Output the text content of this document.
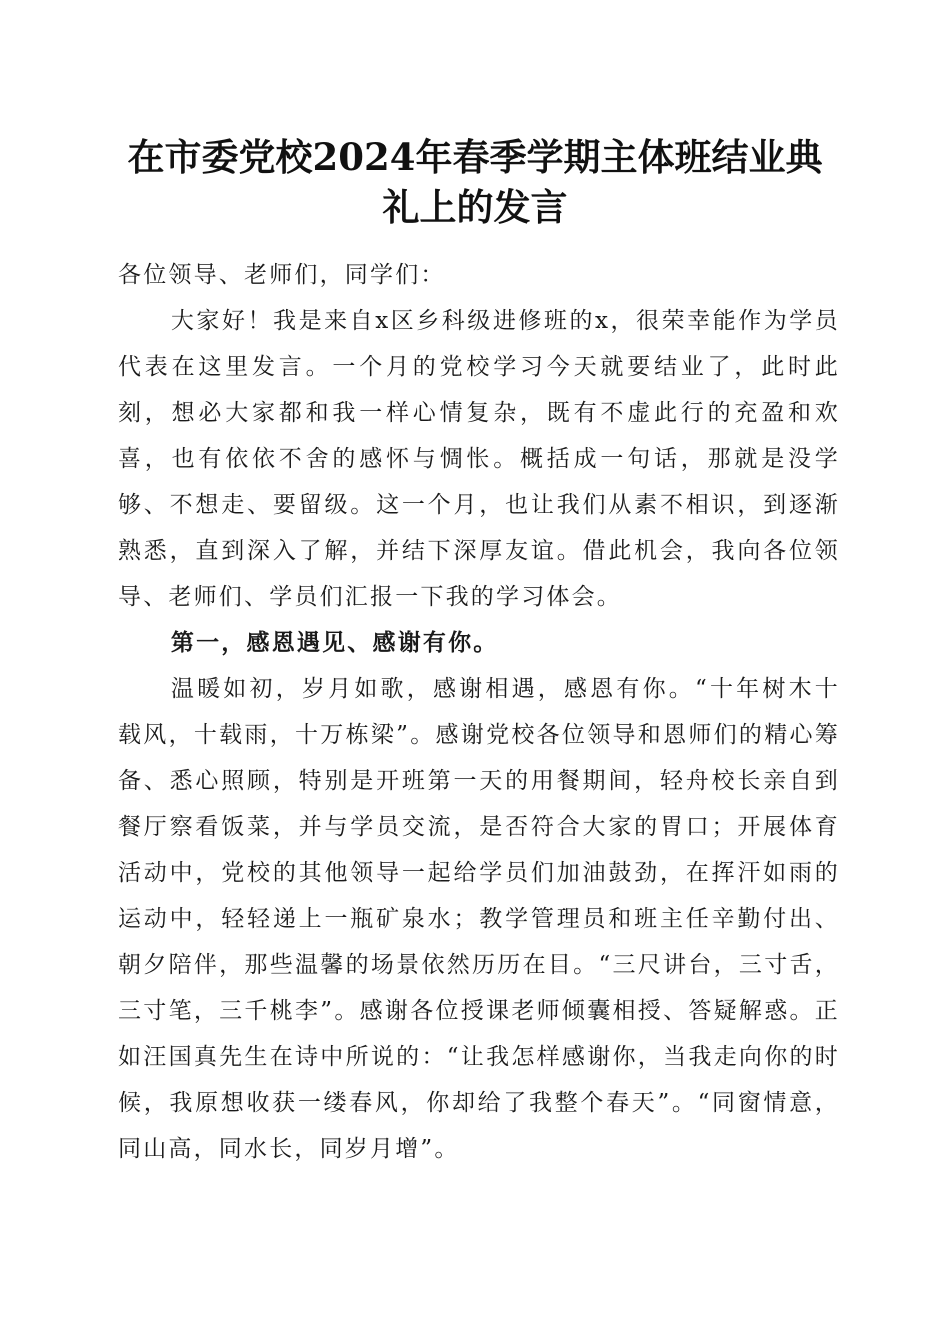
在市委党校2024年春季学期主体班结业典礼上的发言

各位领导、老师们，同学们：

大家好！我是来自x区乡科级进修班的x，很荣幸能作为学员代表在这里发言。一个月的党校学习今天就要结业了，此时此刻，想必大家都和我一样心情复杂，既有不虚此行的充盈和欢喜，也有依依不舍的感怀与惆怅。概括成一句话，那就是没学够、不想走、要留级。这一个月，也让我们从素不相识，到逐渐熟悉，直到深入了解，并结下深厚友谊。借此机会，我向各位领导、老师们、学员们汇报一下我的学习体会。

第一，感恩遇见、感谢有你。

温暖如初，岁月如歌，感谢相遇，感恩有你。“十年树木十载风，十载雨，十万栋梁”。感谢党校各位领导和恩师们的精心筹备、悉心照顾，特别是开班第一天的用餐期间，轻舟校长亲自到餐厅察看饭菜，并与学员交流，是否符合大家的胃口；开展体育活动中，党校的其他领导一起给学员们加油鼓劲，在挥汗如雨的运动中，轻轻递上一瓶矿泉水；教学管理员和班主任辛勤付出、朝夕陪伴，那些温馨的场景依然历历在目。“三尺讲台，三寸舌，三寸笔，三千桃李”。感谢各位授课老师倾囊相授、答疑解惑。正如汪国真先生在诗中所说的：“让我怎样感谢你，当我走向你的时候，我原想收获一缕春风，你却给了我整个春天”。“同窗情意，同山高，同水长，同岁月增”。
